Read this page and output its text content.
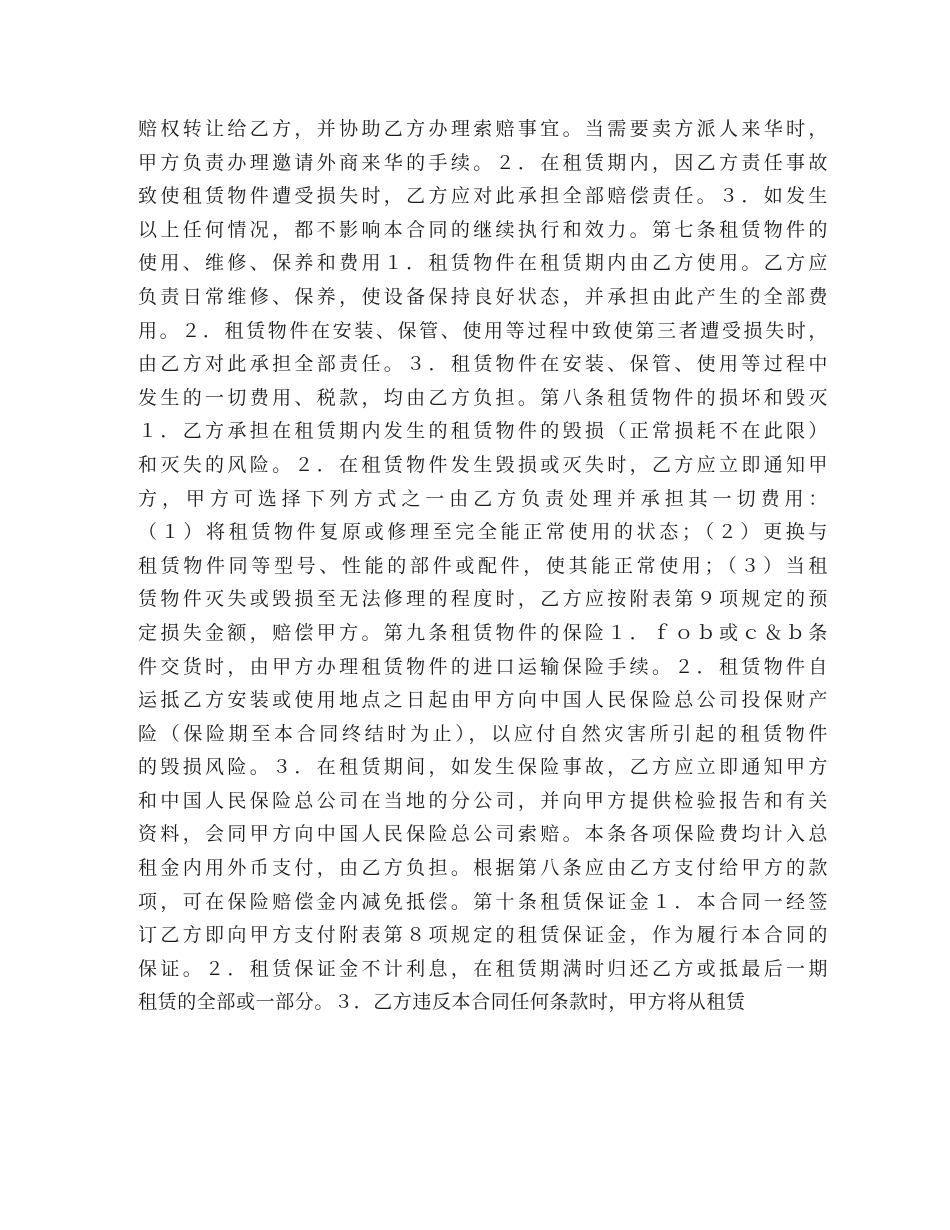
赔权转让给乙方，并协助乙方办理索赔事宜。当需要卖方派人来华时，
甲方负责办理邀请外商来华的手续。２．在租赁期内，因乙方责任事故
致使租赁物件遭受损失时，乙方应对此承担全部赔偿责任。３．如发生
以上任何情况，都不影响本合同的继续执行和效力。第七条租赁物件的
使用、维修、保养和费用１．租赁物件在租赁期内由乙方使用。乙方应
负责日常维修、保养，使设备保持良好状态，并承担由此产生的全部费
用。２．租赁物件在安装、保管、使用等过程中致使第三者遭受损失时，
由乙方对此承担全部责任。３．租赁物件在安装、保管、使用等过程中
发生的一切费用、税款，均由乙方负担。第八条租赁物件的损坏和毁灭
１．乙方承担在租赁期内发生的租赁物件的毁损（正常损耗不在此限）
和灭失的风险。２．在租赁物件发生毁损或灭失时，乙方应立即通知甲
方，甲方可选择下列方式之一由乙方负责处理并承担其一切费用：
（１）将租赁物件复原或修理至完全能正常使用的状态；（２）更换与
租赁物件同等型号、性能的部件或配件，使其能正常使用；（３）当租
赁物件灭失或毁损至无法修理的程度时，乙方应按附表第９项规定的预
定损失金额，赔偿甲方。第九条租赁物件的保险１．ｆｏｂ或ｃ＆ｂ条
件交货时，由甲方办理租赁物件的进口运输保险手续。２．租赁物件自
运抵乙方安装或使用地点之日起由甲方向中国人民保险总公司投保财产
险（保险期至本合同终结时为止），以应付自然灾害所引起的租赁物件
的毁损风险。３．在租赁期间，如发生保险事故，乙方应立即通知甲方
和中国人民保险总公司在当地的分公司，并向甲方提供检验报告和有关
资料，会同甲方向中国人民保险总公司索赔。本条各项保险费均计入总
租金内用外币支付，由乙方负担。根据第八条应由乙方支付给甲方的款
项，可在保险赔偿金内减免抵偿。第十条租赁保证金１．本合同一经签
订乙方即向甲方支付附表第８项规定的租赁保证金，作为履行本合同的
保证。２．租赁保证金不计利息，在租赁期满时归还乙方或抵最后一期
租赁的全部或一部分。３．乙方违反本合同任何条款时，甲方将从租赁
